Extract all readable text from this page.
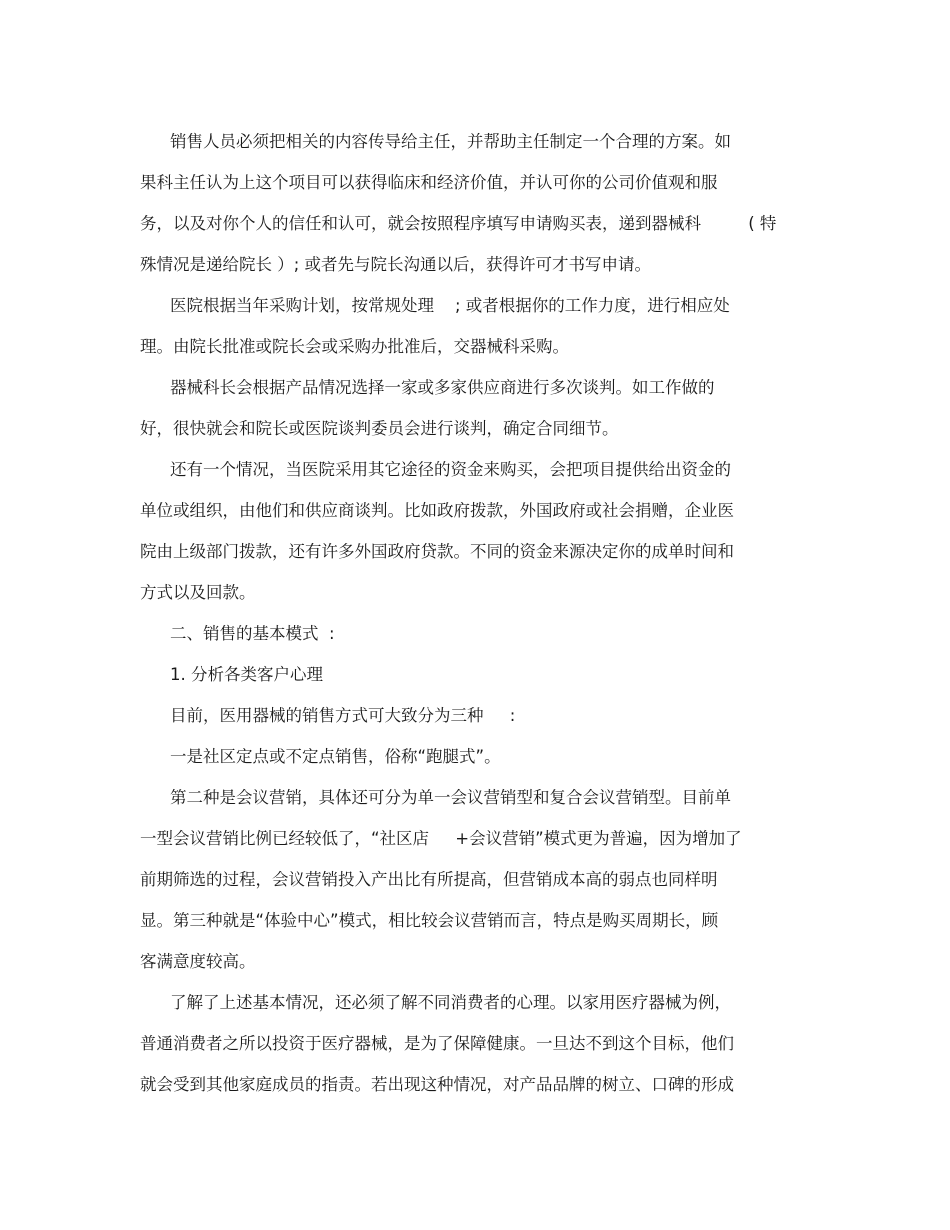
销售人员必须把相关的内容传导给主任，并帮助主任制定一个合理的方案。如
果科主任认为上这个项目可以获得临床和经济价值，并认可你的公司价值观和服
务，以及对你个人的信任和认可，就会按照程序填写申请购买表，递到器械科         ( 特
殊情况是递给院长 ）; 或者先与院长沟通以后，获得许可才书写申请。
医院根据当年采购计划，按常规处理    ; 或者根据你的工作力度，进行相应处
理。由院长批准或院长会或采购办批准后，交器械科采购。
器械科长会根据产品情况选择一家或多家供应商进行多次谈判。如工作做的
好，很快就会和院长或医院谈判委员会进行谈判，确定合同细节。
还有一个情况，当医院采用其它途径的资金来购买，会把项目提供给出资金的
单位或组织，由他们和供应商谈判。比如政府拨款，外国政府或社会捐赠，企业医
院由上级部门拨款，还有许多外国政府贷款。不同的资金来源决定你的成单时间和
方式以及回款。
二、销售的基本模式  :
1. 分析各类客户心理
目前，医用器械的销售方式可大致分为三种     :
一是社区定点或不定点销售，俗称“跑腿式”。
第二种是会议营销，具体还可分为单一会议营销型和复合会议营销型。目前单
一型会议营销比例已经较低了，“社区店     +会议营销”模式更为普遍，因为增加了
前期筛选的过程，会议营销投入产出比有所提高，但营销成本高的弱点也同样明
显。第三种就是“体验中心”模式，相比较会议营销而言，特点是购买周期长，顾
客满意度较高。
了解了上述基本情况，还必须了解不同消费者的心理。以家用医疗器械为例，
普通消费者之所以投资于医疗器械，是为了保障健康。一旦达不到这个目标，他们
就会受到其他家庭成员的指责。若出现这种情况，对产品品牌的树立、口碑的形成
